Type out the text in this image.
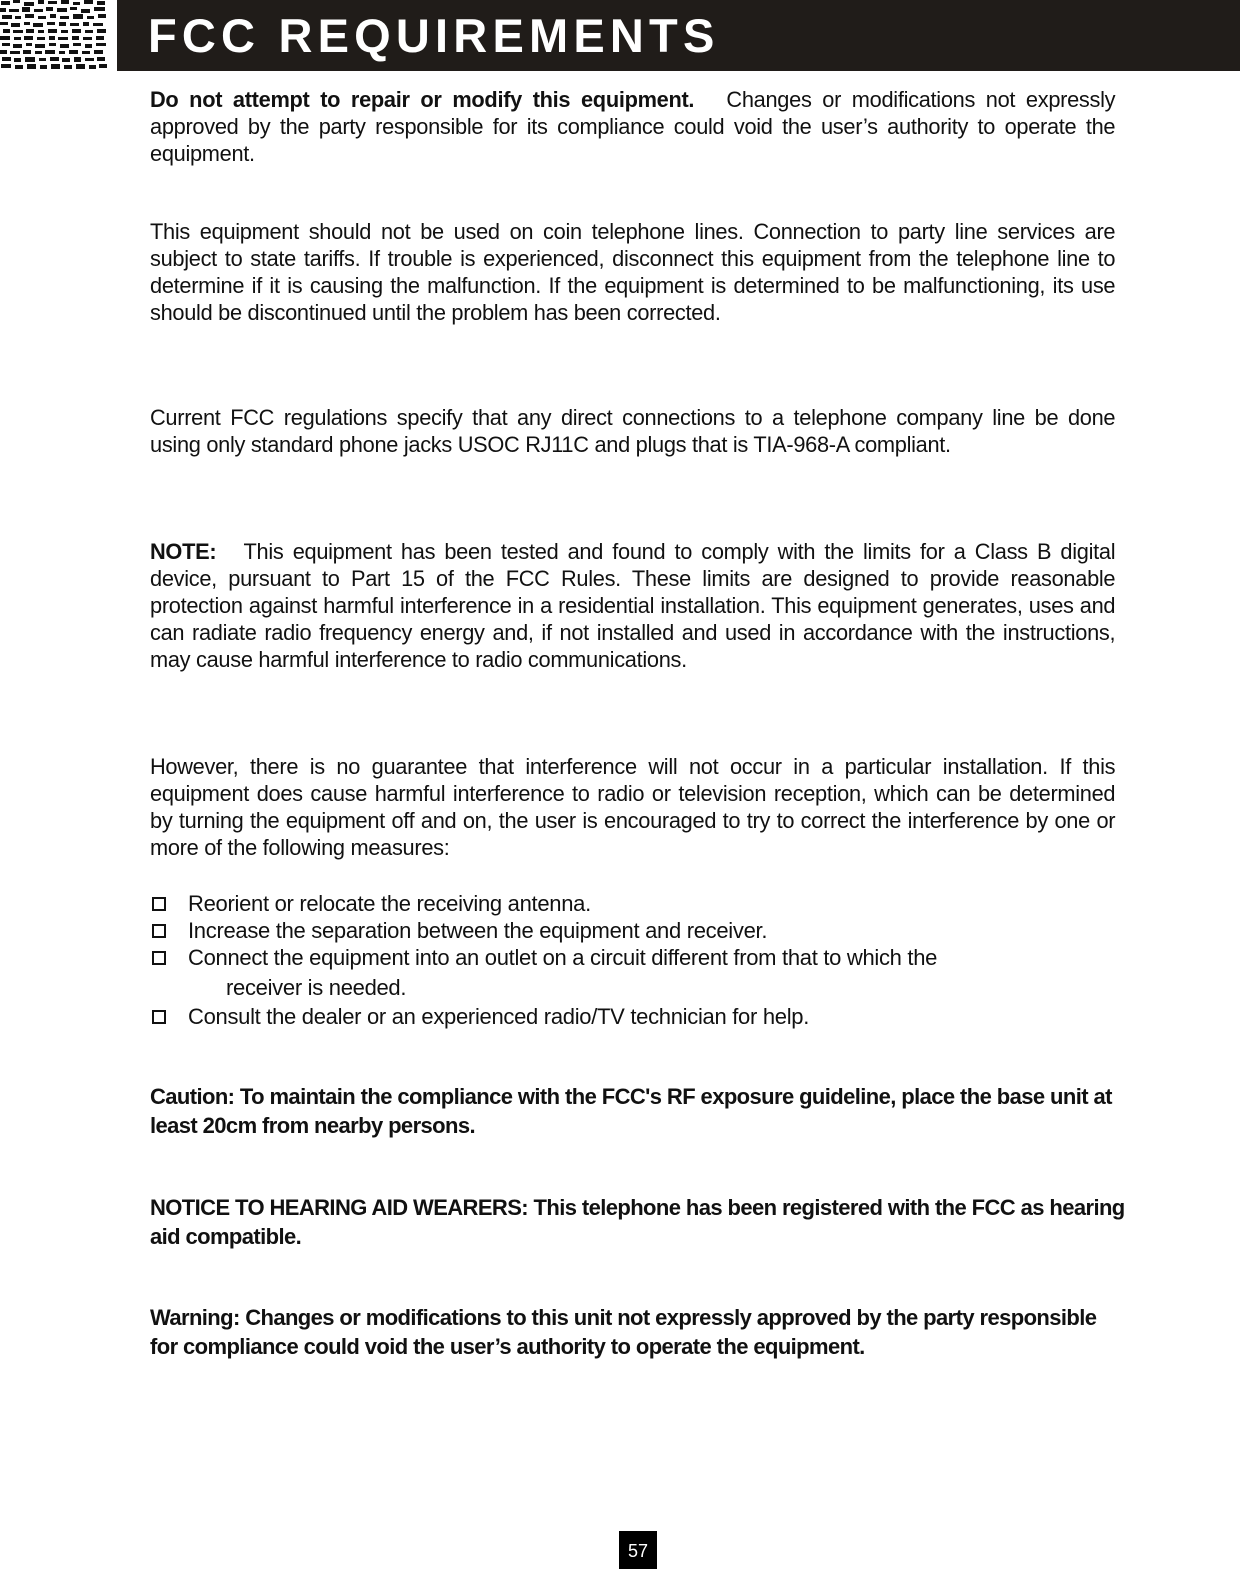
FCC REQUIREMENTS

Do not attempt to repair or modify this equipment. Changes or modifications not expressly approved by the party responsible for its compliance could void the user’s authority to operate the equipment.

This equipment should not be used on coin telephone lines. Connection to party line services are subject to state tariffs. If trouble is experienced, disconnect this equipment from the telephone line to determine if it is causing the malfunction. If the equipment is determined to be malfunctioning, its use should be discontinued until the problem has been corrected.

Current FCC regulations specify that any direct connections to a telephone company line be done using only standard phone jacks USOC RJ11C and plugs that is TIA-968-A compliant.

NOTE: This equipment has been tested and found to comply with the limits for a Class B digital device, pursuant to Part 15 of the FCC Rules. These limits are designed to provide reasonable protection against harmful interference in a residential installation. This equipment generates, uses and can radiate radio frequency energy and, if not installed and used in accordance with the instructions, may cause harmful interference to radio communications.

However, there is no guarantee that interference will not occur in a particular installation. If this equipment does cause harmful interference to radio or television reception, which can be determined by turning the equipment off and on, the user is encouraged to try to correct the interference by one or more of the following measures:

Reorient or relocate the receiving antenna.
Increase the separation between the equipment and receiver.
Connect the equipment into an outlet on a circuit different from that to which the
receiver is needed.
Consult the dealer or an experienced radio/TV technician for help.

Caution: To maintain the compliance with the FCC's RF exposure guideline, place the base unit at least 20cm from nearby persons.

NOTICE TO HEARING AID WEARERS: This telephone has been registered with the FCC as hearing aid compatible.

Warning: Changes or modifications to this unit not expressly approved by the party responsible for compliance could void the user’s authority to operate the equipment.

57
